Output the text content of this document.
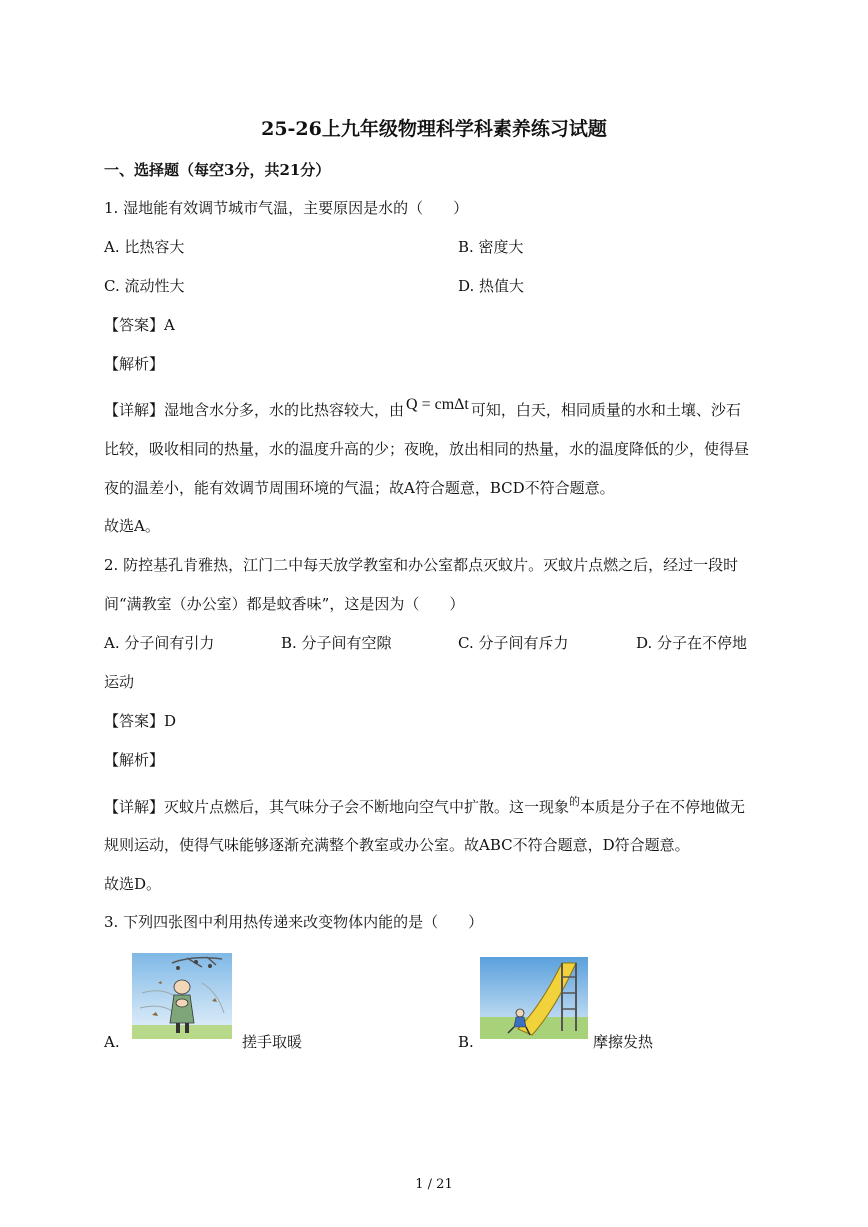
25-26上九年级物理科学科素养练习试题
一、选择题（每空3分，共21分）
1. 湿地能有效调节城市气温，主要原因是水的（　　）
A. 比热容大	B. 密度大
C. 流动性大	D. 热值大
【答案】A
【解析】
【详解】湿地含水分多，水的比热容较大，由 Q = cmΔt 可知，白天，相同质量的水和土壤、沙石
比较，吸收相同的热量，水的温度升高的少；夜晚，放出相同的热量，水的温度降低的少，使得昼
夜的温差小，能有效调节周围环境的气温；故A符合题意，BCD不符合题意。
故选A。
2. 防控基孔肯雅热，江门二中每天放学教室和办公室都点灭蚊片。灭蚊片点燃之后，经过一段时
间“满教室（办公室）都是蚊香味”，这是因为（　　）
A. 分子间有引力	B. 分子间有空隙	C. 分子间有斥力	D. 分子在不停地
运动
【答案】D
【解析】
【详解】灭蚊片点燃后，其气味分子会不断地向空气中扩散。这一现象的本质是分子在不停地做无
规则运动，使得气味能够逐渐充满整个教室或办公室。故ABC不符合题意，D符合题意。
故选D。
3. 下列四张图中利用热传递来改变物体内能的是（　　）
A.	搓手取暖	B.	摩擦发热
1 / 21
